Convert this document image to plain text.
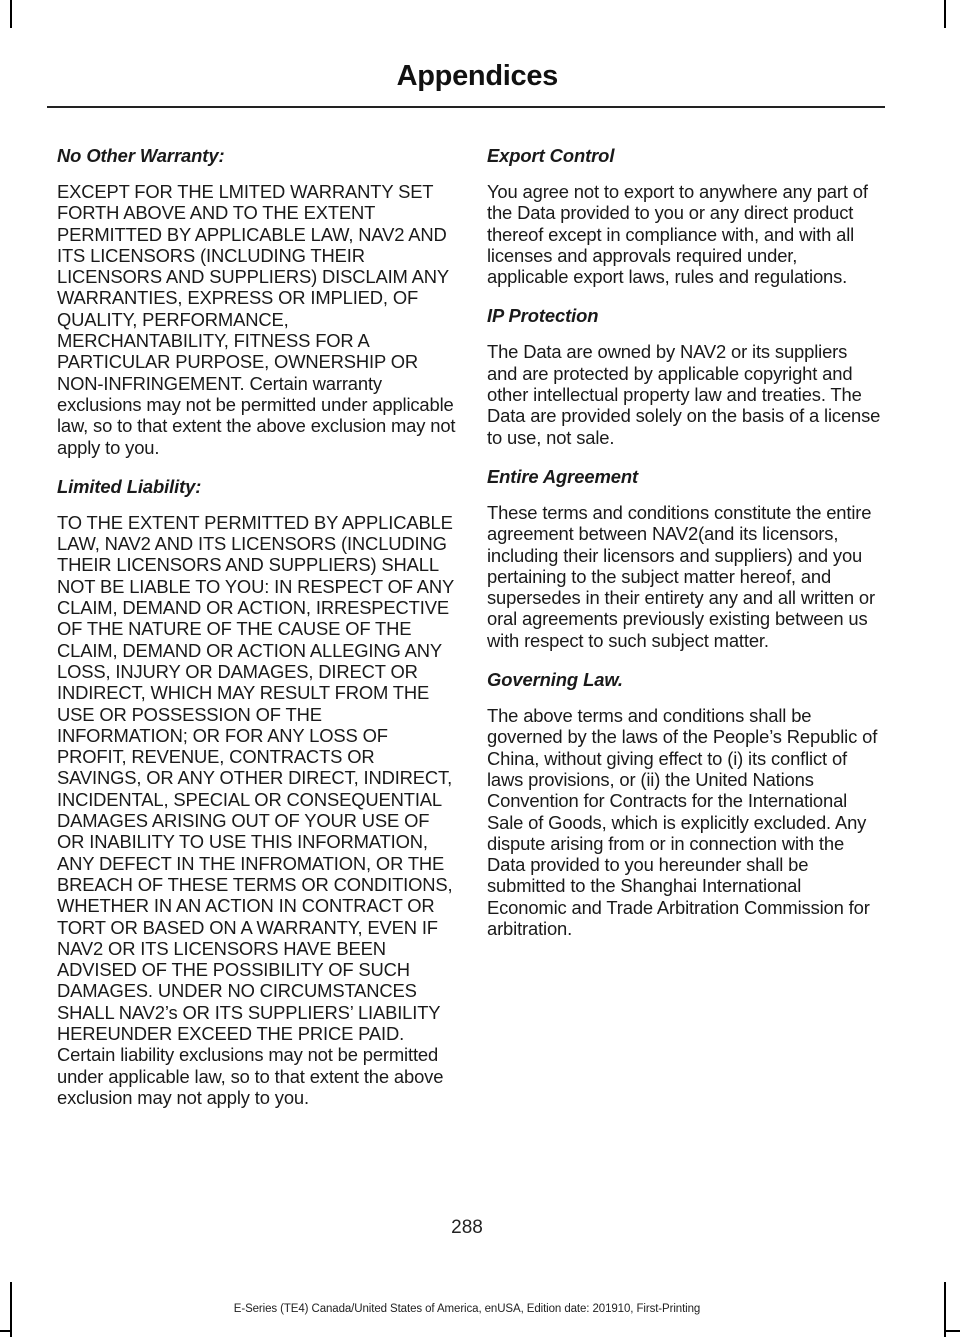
Appendices
No Other Warranty:

EXCEPT FOR THE LMITED WARRANTY SET FORTH ABOVE AND TO THE EXTENT PERMITTED BY APPLICABLE LAW, NAV2 AND ITS LICENSORS (INCLUDING THEIR LICENSORS AND SUPPLIERS) DISCLAIM ANY WARRANTIES, EXPRESS OR IMPLIED, OF QUALITY, PERFORMANCE, MERCHANTABILITY, FITNESS FOR A PARTICULAR PURPOSE, OWNERSHIP OR NON-INFRINGEMENT. Certain warranty exclusions may not be permitted under applicable law, so to that extent the above exclusion may not apply to you.

Limited Liability:

TO THE EXTENT PERMITTED BY APPLICABLE LAW, NAV2 AND ITS LICENSORS (INCLUDING THEIR LICENSORS AND SUPPLIERS) SHALL NOT BE LIABLE TO YOU: IN RESPECT OF ANY CLAIM, DEMAND OR ACTION, IRRESPECTIVE OF THE NATURE OF THE CAUSE OF THE CLAIM, DEMAND OR ACTION ALLEGING ANY LOSS, INJURY OR DAMAGES, DIRECT OR INDIRECT, WHICH MAY RESULT FROM THE USE OR POSSESSION OF THE INFORMATION; OR FOR ANY LOSS OF PROFIT, REVENUE, CONTRACTS OR SAVINGS, OR ANY OTHER DIRECT, INDIRECT, INCIDENTAL, SPECIAL OR CONSEQUENTIAL DAMAGES ARISING OUT OF YOUR USE OF OR INABILITY TO USE THIS INFORMATION, ANY DEFECT IN THE INFROMATION, OR THE BREACH OF THESE TERMS OR CONDITIONS, WHETHER IN AN ACTION IN CONTRACT OR TORT OR BASED ON A WARRANTY, EVEN IF NAV2 OR ITS LICENSORS HAVE BEEN ADVISED OF THE POSSIBILITY OF SUCH DAMAGES. UNDER NO CIRCUMSTANCES SHALL NAV2’s OR ITS SUPPLIERS’ LIABILITY HEREUNDER EXCEED THE PRICE PAID. Certain liability exclusions may not be permitted under applicable law, so to that extent the above exclusion may not apply to you.

Export Control

You agree not to export to anywhere any part of the Data provided to you or any direct product thereof except in compliance with, and with all licenses and approvals required under, applicable export laws, rules and regulations.

IP Protection

The Data are owned by NAV2 or its suppliers and are protected by applicable copyright and other intellectual property law and treaties. The Data are provided solely on the basis of a license to use, not sale.

Entire Agreement

These terms and conditions constitute the entire agreement between NAV2(and its licensors, including their licensors and suppliers) and you pertaining to the subject matter hereof, and supersedes in their entirety any and all written or oral agreements previously existing between us with respect to such subject matter.

Governing Law.

The above terms and conditions shall be governed by the laws of the People’s Republic of China, without giving effect to (i) its conflict of laws provisions, or (ii) the United Nations Convention for Contracts for the International Sale of Goods, which is explicitly excluded. Any dispute arising from or in connection with the Data provided to you hereunder shall be submitted to the Shanghai International Economic and Trade Arbitration Commission for arbitration.

288
E-Series (TE4) Canada/United States of America, enUSA, Edition date: 201910, First-Printing
